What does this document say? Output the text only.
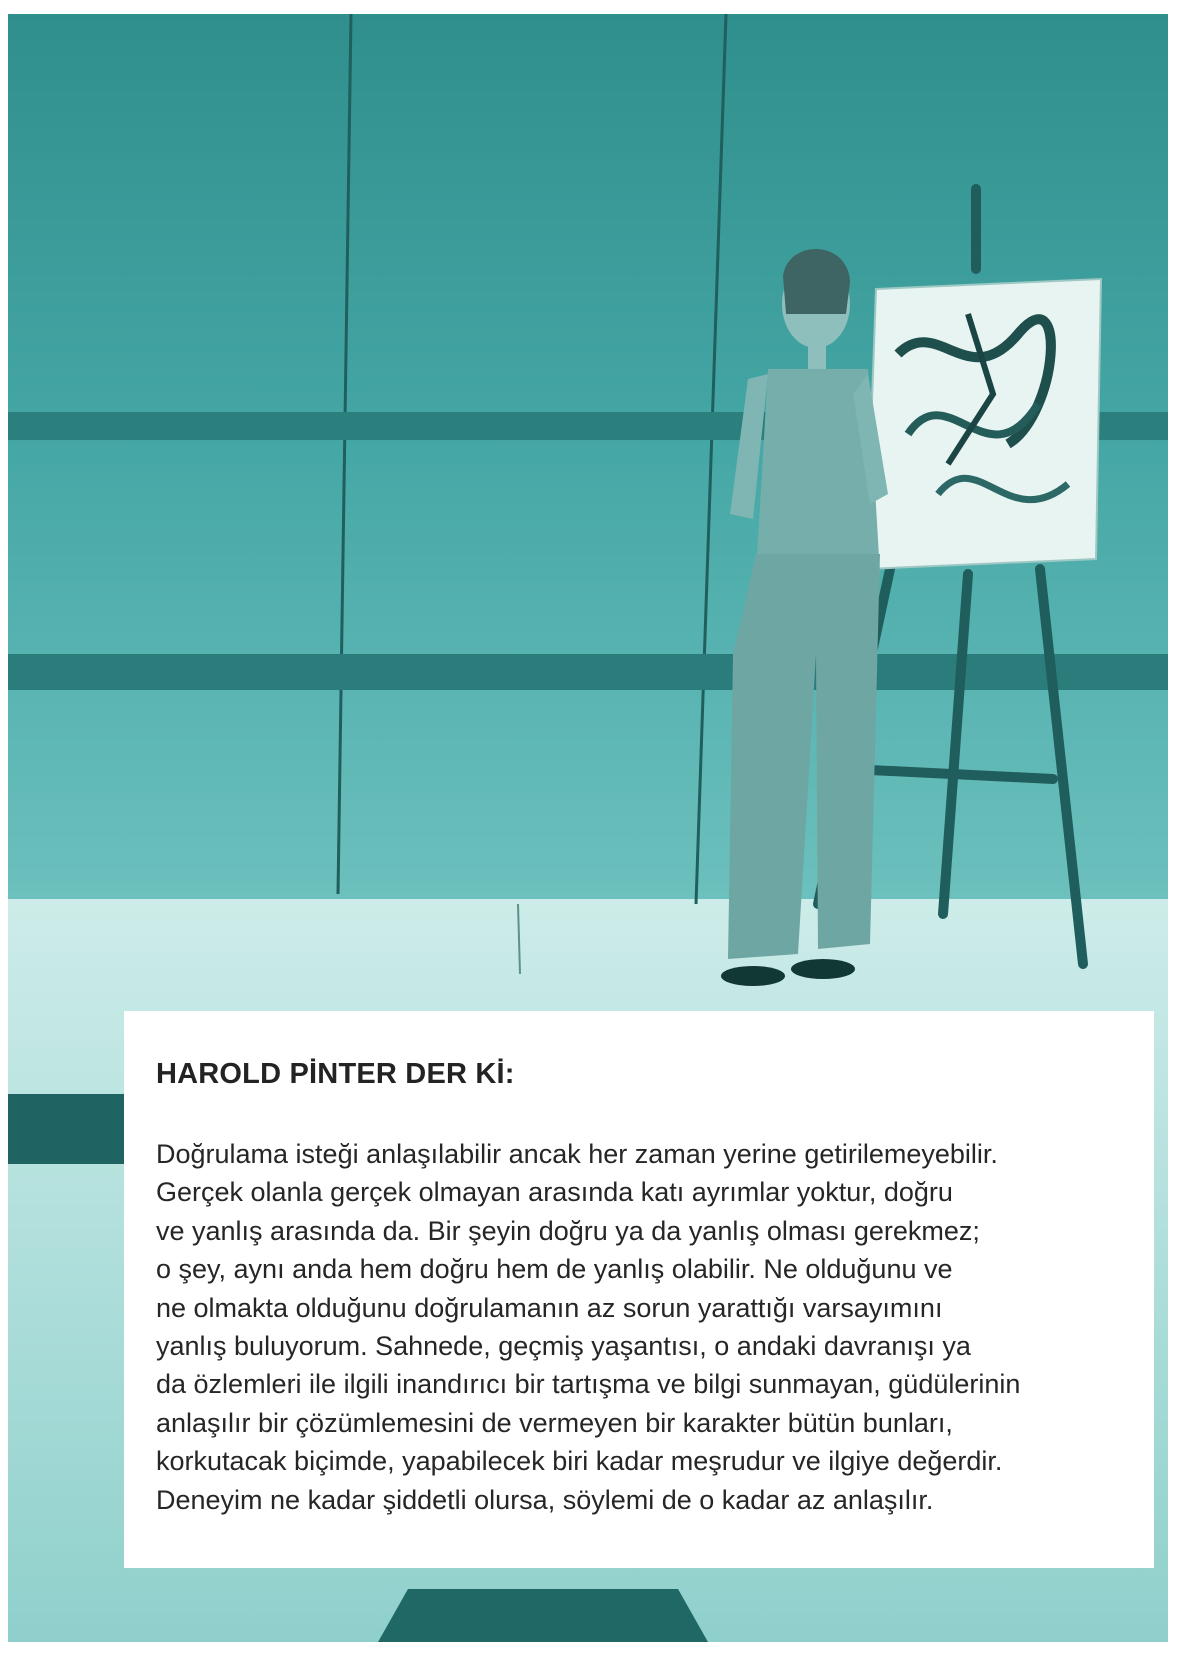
HAROLD PİNTER DER Kİ:

Doğrulama isteği anlaşılabilir ancak her zaman yerine getirilemeyebilir.
Gerçek olanla gerçek olmayan arasında katı ayrımlar yoktur, doğru
ve yanlış arasında da. Bir şeyin doğru ya da yanlış olması gerekmez;
o şey, aynı anda hem doğru hem de yanlış olabilir. Ne olduğunu ve
ne olmakta olduğunu doğrulamanın az sorun yarattığı varsayımını
yanlış buluyorum. Sahnede, geçmiş yaşantısı, o andaki davranışı ya
da özlemleri ile ilgili inandırıcı bir tartışma ve bilgi sunmayan, güdülerinin
anlaşılır bir çözümlemesini de vermeyen bir karakter bütün bunları,
korkutacak biçimde, yapabilecek biri kadar meşrudur ve ilgiye değerdir.
Deneyim ne kadar şiddetli olursa, söylemi de o kadar az anlaşılır.
